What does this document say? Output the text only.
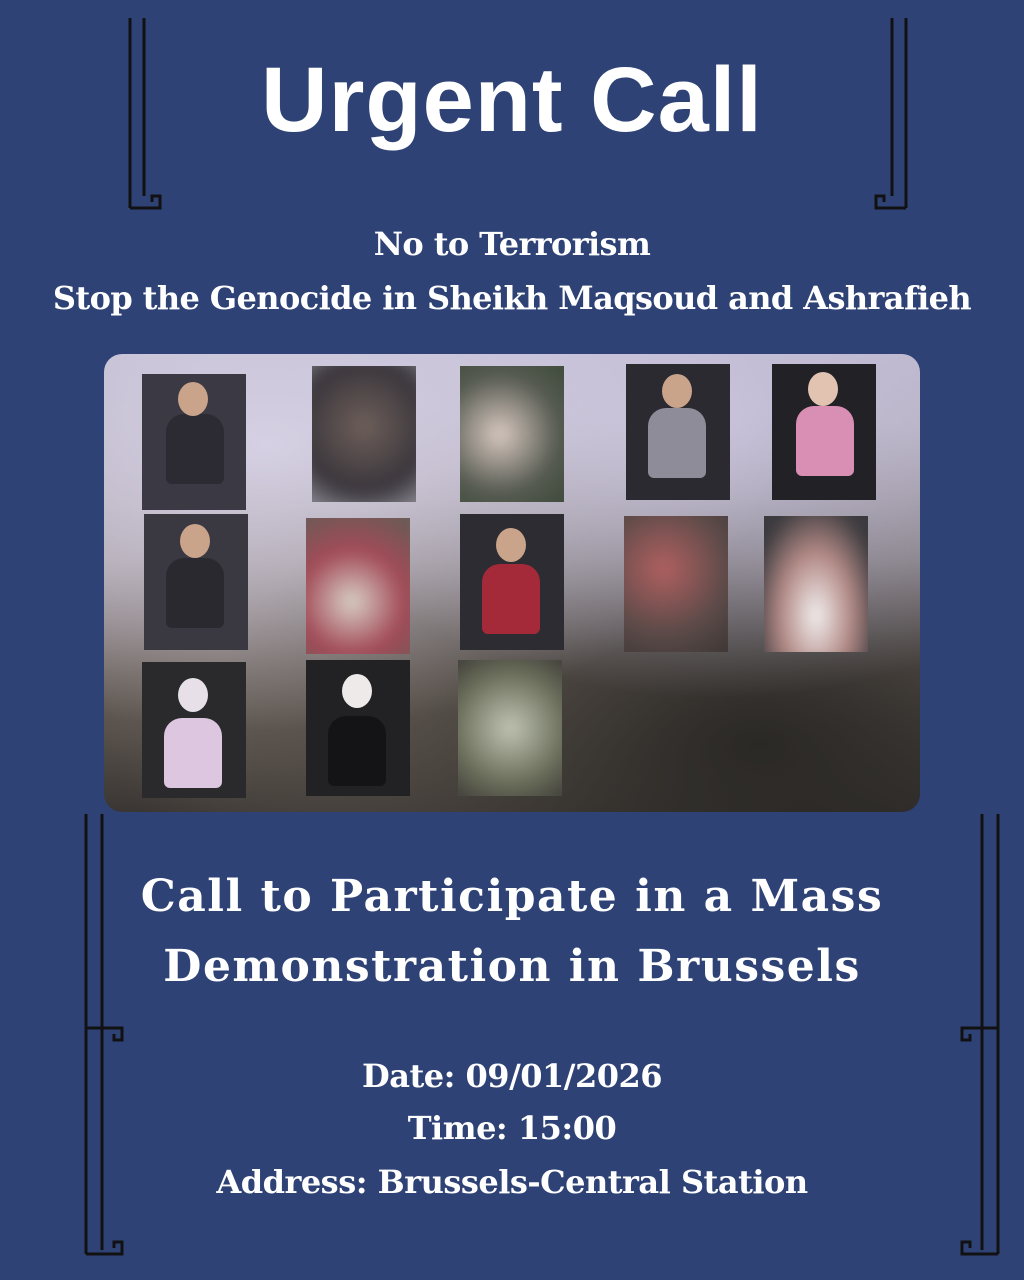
Urgent Call
No to Terrorism
Stop the Genocide in Sheikh Maqsoud and Ashrafieh
Call to Participate in a Mass
Demonstration in Brussels
Date: 09/01/2026
Time: 15:00
Address: Brussels-Central Station
